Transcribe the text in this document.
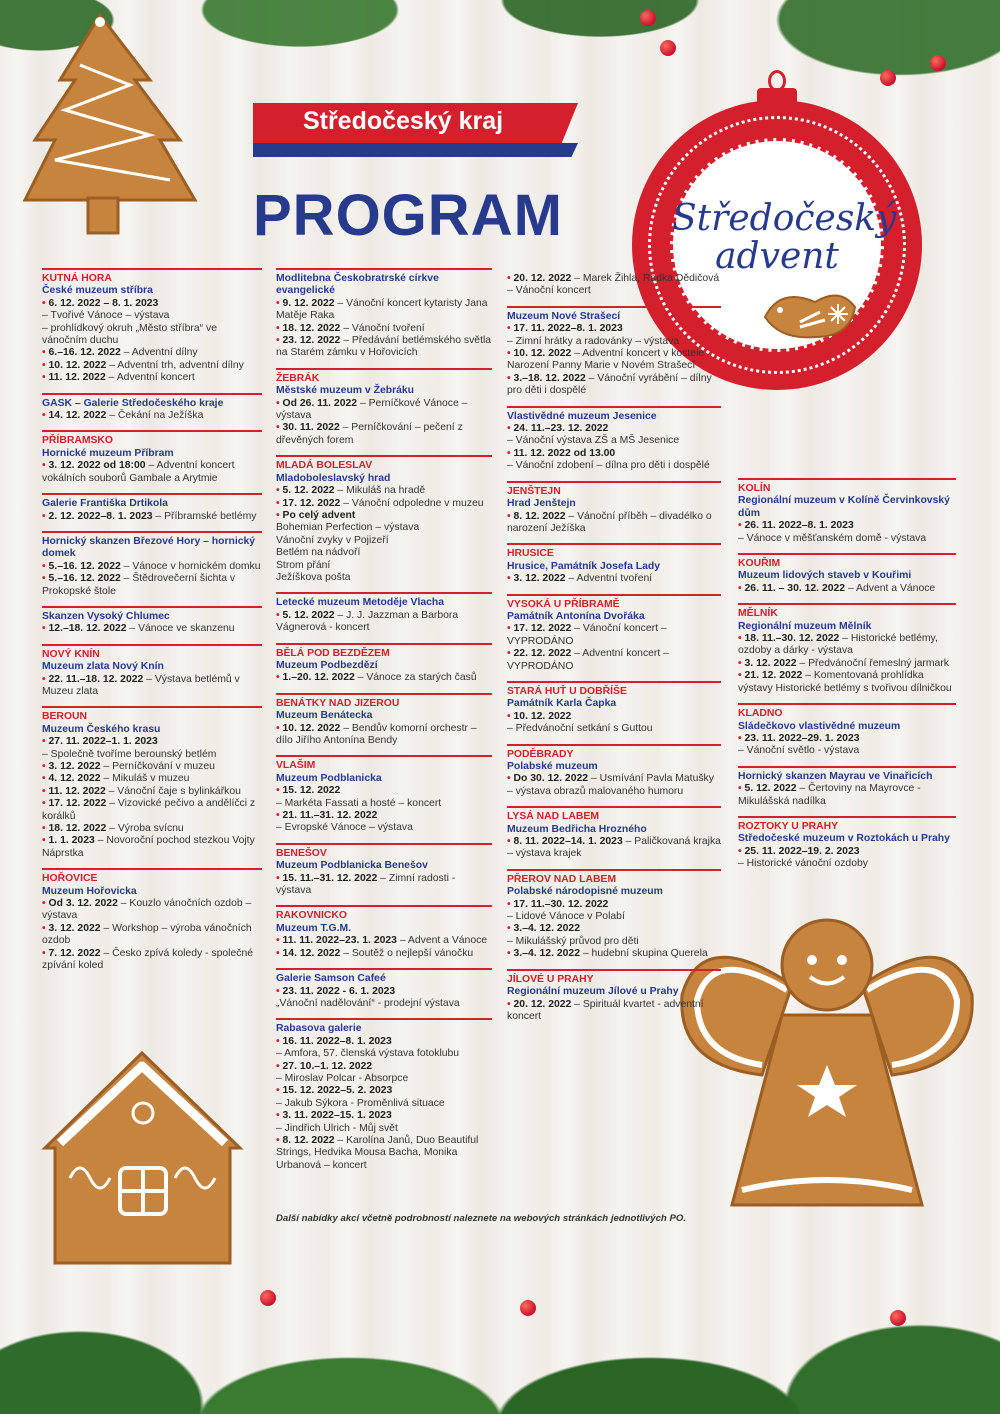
Středočeský kraj
PROGRAM	Středočeský
advent
KUTNÁ HORA
České muzeum stříbra
• 6. 12. 2022 – 8. 1. 2023
– Tvořivé Vánoce – výstava
– prohlídkový okruh „Město stříbra“ ve vánočním duchu
• 6.–16. 12. 2022 – Adventní dílny
• 10. 12. 2022 – Adventní trh, adventní dílny
• 11. 12. 2022 – Adventní koncert
GASK – Galerie Středočeského kraje
• 14. 12. 2022 – Čekání na Ježíška
PŘÍBRAMSKO
Hornické muzeum Příbram
• 3. 12. 2022 od 18:00 – Adventní koncert vokálních souborů Gambale a Arytmie
Galerie Františka Drtikola
• 2. 12. 2022–8. 1. 2023 – Příbramské betlémy
Hornický skanzen Březové Hory – hornický domek
• 5.–16. 12. 2022 – Vánoce v hornickém domku
• 5.–16. 12. 2022 – Štědrovečerní šichta v Prokopské štole
Skanzen Vysoký Chlumec
• 12.–18. 12. 2022 – Vánoce ve skanzenu
NOVÝ KNÍN
Muzeum zlata Nový Knín
• 22. 11.–18. 12. 2022 – Výstava betlémů v Muzeu zlata
BEROUN
Muzeum Českého krasu
• 27. 11. 2022–1. 1. 2023
– Společně tvoříme berounský betlém
• 3. 12. 2022 – Perníčkování v muzeu
• 4. 12. 2022 – Mikuláš v muzeu
• 11. 12. 2022 – Vánoční čaje s bylinkářkou
• 17. 12. 2022 – Vizovické pečivo a andělíčci z korálků
• 18. 12. 2022 – Výroba svícnu
• 1. 1. 2023 – Novoroční pochod stezkou Vojty Náprstka
HOŘOVICE
Muzeum Hořovicka
• Od 3. 12. 2022 – Kouzlo vánočních ozdob – výstava
• 3. 12. 2022 – Workshop – výroba vánočních ozdob
• 7. 12. 2022 – Česko zpívá koledy - společné zpívání koled
Modlitebna Českobratrské církve evangelické
• 9. 12. 2022 – Vánoční koncert kytaristy Jana Matěje Raka
• 18. 12. 2022 – Vánoční tvoření
• 23. 12. 2022 – Předávání betlémského světla na Starém zámku v Hořovicích
ŽEBRÁK
Městské muzeum v Žebráku
• Od 26. 11. 2022 – Perníčkové Vánoce – výstava
• 30. 11. 2022 – Perníčkování – pečení z dřevěných forem
MLADÁ BOLESLAV
Mladoboleslavský hrad
• 5. 12. 2022 – Mikuláš na hradě
• 17. 12. 2022 – Vánoční odpoledne v muzeu
• Po celý advent
Bohemian Perfection – výstava
Vánoční zvyky v Pojizeří
Betlém na nádvoří
Strom přání
Ježíškova pošta
Letecké muzeum Metoděje Vlacha
• 5. 12. 2022 – J. J. Jazzman a Barbora Vágnerová - koncert
BĚLÁ POD BEZDĚZEM
Muzeum Podbezdězí
• 1.–20. 12. 2022 – Vánoce za starých časů
BENÁTKY NAD JIZEROU
Muzeum Benátecka
• 10. 12. 2022 – Bendův komorní orchestr – dílo Jiřího Antonína Bendy
VLAŠIM
Muzeum Podblanicka
• 15. 12. 2022
– Markéta Fassati a hosté – koncert
• 21. 11.–31. 12. 2022
– Evropské Vánoce – výstava
BENEŠOV
Muzeum Podblanicka Benešov
• 15. 11.–31. 12. 2022 – Zimní radosti - výstava
RAKOVNICKO
Muzeum T.G.M.
• 11. 11. 2022–23. 1. 2023 – Advent a Vánoce
• 14. 12. 2022 – Soutěž o nejlepší vánočku
Galerie Samson Cafeé
• 23. 11. 2022 - 6. 1. 2023
„Vánoční nadělování“ - prodejní výstava
Rabasova galerie
• 16. 11. 2022–8. 1. 2023
– Amfora, 57. členská výstava fotoklubu
• 27. 10.–1. 12. 2022
– Miroslav Polcar - Absorpce
• 15. 12. 2022–5. 2. 2023
– Jakub Sýkora - Proměnlivá situace
• 3. 11. 2022–15. 1. 2023
– Jindřich Ulrich - Můj svět
• 8. 12. 2022 – Karolína Janů, Duo Beautiful Strings, Hedvika Mousa Bacha, Monika Urbanová – koncert
• 20. 12. 2022 – Marek Žihla, Radka Dědičová – Vánoční koncert
Muzeum Nové Strašecí
• 17. 11. 2022–8. 1. 2023
– Zimní hrátky a radovánky – výstava
• 10. 12. 2022 – Adventní koncert v kostele Narození Panny Marie v Novém Strašecí
• 3.–18. 12. 2022 – Vánoční vyrábění – dílny pro děti i dospělé
Vlastivědné muzeum Jesenice
• 24. 11.–23. 12. 2022
– Vánoční výstava ZŠ a MŠ Jesenice
• 11. 12. 2022 od 13.00
– Vánoční zdobení – dílna pro děti i dospělé
JENŠTEJN
Hrad Jenštejn
• 8. 12. 2022 – Vánoční příběh – divadélko o narození Ježíška
HRUSICE
Hrusice, Památník Josefa Lady
• 3. 12. 2022 – Adventní tvoření
VYSOKÁ U PŘÍBRAMĚ
Památník Antonína Dvořáka
• 17. 12. 2022 – Vánoční koncert – VYPRODÁNO
• 22. 12. 2022 – Adventní koncert – VYPRODÁNO
STARÁ HUŤ U DOBŘÍŠE
Památník Karla Čapka
• 10. 12. 2022
– Předvánoční setkání s Guttou
PODĚBRADY
Polabské muzeum
• Do 30. 12. 2022 – Usmívání Pavla Matušky – výstava obrazů malovaného humoru
LYSÁ NAD LABEM
Muzeum Bedřicha Hrozného
• 8. 11. 2022–14. 1. 2023 – Paličkovaná krajka – výstava krajek
PŘEROV NAD LABEM
Polabské národopisné muzeum
• 17. 11.–30. 12. 2022
– Lidové Vánoce v Polabí
• 3.–4. 12. 2022
– Mikulášský průvod pro děti
• 3.–4. 12. 2022 – hudební skupina Querela
JÍLOVÉ U PRAHY
Regionální muzeum Jílové u Prahy
• 20. 12. 2022 – Spirituál kvartet - adventní koncert
KOLÍN
Regionální muzeum v Kolíně Červinkovský dům
• 26. 11. 2022–8. 1. 2023
– Vánoce v měšťanském domě - výstava
KOUŘIM
Muzeum lidových staveb v Kouřimi
• 26. 11. – 30. 12. 2022 – Advent a Vánoce
MĚLNÍK
Regionální muzeum Mělník
• 18. 11.–30. 12. 2022 – Historické betlémy, ozdoby a dárky - výstava
• 3. 12. 2022 – Předvánoční řemeslný jarmark
• 21. 12. 2022 – Komentovaná prohlídka výstavy Historické betlémy s tvořivou dílničkou
KLADNO
Sládečkovo vlastivědné muzeum
• 23. 11. 2022–29. 1. 2023
– Vánoční světlo - výstava
Hornický skanzen Mayrau ve Vinařicích
• 5. 12. 2022 – Čertoviny na Mayrovce - Mikulášská nadílka
ROZTOKY U PRAHY
Středočeské muzeum v Roztokách u Prahy
• 25. 11. 2022–19. 2. 2023
– Historické vánoční ozdoby
Další nabídky akcí včetně podrobností naleznete na webových stránkách jednotlivých PO.
